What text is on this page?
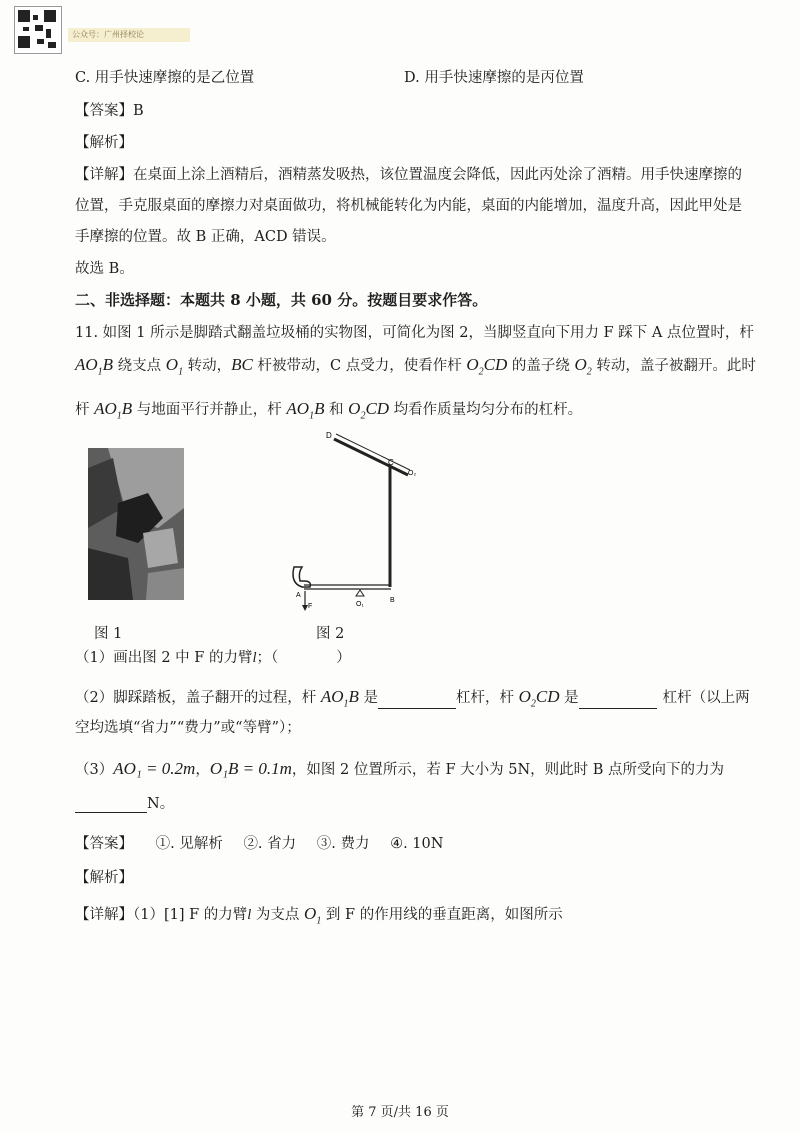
公众号：广州择校论
C. 用手快速摩擦的是乙位置	D. 用手快速摩擦的是丙位置
【答案】B
【解析】
【详解】在桌面上涂上酒精后，酒精蒸发吸热，该位置温度会降低，因此丙处涂了酒精。用手快速摩擦的
位置，手克服桌面的摩擦力对桌面做功，将机械能转化为内能，桌面的内能增加，温度升高，因此甲处是
手摩擦的位置。故 B 正确，ACD 错误。
故选 B。
二、非选择题：本题共 8 小题，共 60 分。按题目要求作答。
11. 如图 1 所示是脚踏式翻盖垃圾桶的实物图，可简化为图 2，当脚竖直向下用力 F 踩下 A 点位置时，杆
$AO_1B$ 绕支点 $O_1$ 转动，BC 杆被带动，C 点受力，使看作杆 $O_2CD$ 的盖子绕 $O_2$ 转动，盖子被翻开。此时
杆 $AO_1B$ 与地面平行并静止，杆 $AO_1B$ 和 $O_2CD$ 均看作质量均匀分布的杠杆。
D
C
O₂
A
F	O₁
B
图 1	图 2
（1）画出图 2 中 F 的力臂l；（　　　　）
（2）脚踩踏板，盖子翻开的过程，杆 $AO_1B$ 是	杠杆，杆 $O_2CD$ 是	杠杆（以上两
空均选填“省力”“费力”或“等臂”）；
（3）AO₁ = 0.2m，O₁B = 0.1m，如图 2 位置所示，若 F 大小为 5N，则此时 B 点所受向下的力为
N。
【答案】 ①. 见解析 ②. 省力 ③. 费力 ④. 10N
【解析】
【详解】（1）[1] F 的力臂l 为支点 $O_1$ 到 F 的作用线的垂直距离，如图所示
第 7 页/共 16 页
